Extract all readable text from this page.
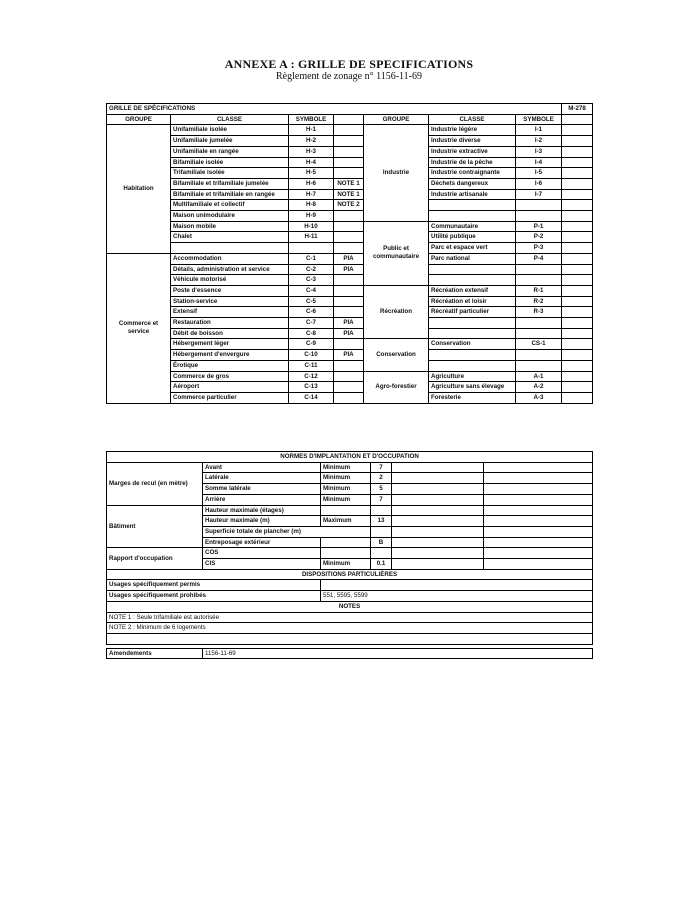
ANNEXE A : GRILLE DE SPECIFICATIONS
Règlement de zonage n° 1156-11-69
GRILLE DE SPÉCIFICATIONS							M-278
GROUPE	CLASSE	SYMBOLE		GROUPE	CLASSE	SYMBOLE	
Habitation	Unifamiliale isolée	H-1		Industrie	Industrie légère	I-1	
	Unifamiliale jumelée	H-2			Industrie diverse	I-2	
	Unifamiliale en rangée	H-3			Industrie extractive	I-3	
	Bifamiliale isolée	H-4			Industrie de la pêche	I-4	
	Trifamiliale isolée	H-5			Industrie contraignante	I-5	
	Bifamiliale et trifamiliale jumelée	H-6	NOTE 1		Déchets dangereux	I-6	
	Bifamiliale et trifamiliale en rangée	H-7	NOTE 1		Industrie artisanale	I-7	
	Multifamiliale et collectif	H-8	NOTE 2				
	Maison unimodulaire	H-9					
	Maison mobile	H-10		Public et communautaire	Communautaire	P-1	
	Chalet	H-11			Utilité publique	P-2	
					Parc et espace vert	P-3	
Commerce et service	Accommodation	C-1	PIA		Parc national	P-4	
	Détails, administration et service	C-2	PIA				
	Véhicule motorisé	C-3					
	Poste d'essence	C-4		Récréation	Récréation extensif	R-1	
	Station-service	C-5			Récréation et loisir	R-2	
	Extensif	C-6			Récréatif particulier	R-3	
	Restauration	C-7	PIA				
	Débit de boisson	C-8	PIA				
	Hébergement léger	C-9		Conservation	Conservation	CS-1	
	Hébergement d'envergure	C-10	PIA				
	Érotique	C-11					
	Commerce de gros	C-12		Agro-forestier	Agriculture	A-1	
	Aéroport	C-13			Agriculture sans élevage	A-2	
	Commerce particulier	C-14			Foresterie	A-3	
NORMES D'IMPLANTATION ET D'OCCUPATION					
Marges de recul (en mètre)	Avant	Minimum	7		
	Latérale	Minimum	2		
	Somme latérale	Minimum	5		
	Arrière	Minimum	7		
Bâtiment	Hauteur maximale (étages)				
	Hauteur maximale (m)	Maximum	13		
	Superficie totale de plancher (m)				
	Entreposage extérieur		B		
Rapport d'occupation	COS				
	CIS	Minimum	0.1		
DISPOSITIONS PARTICULIÈRES					
Usages spécifiquement permis					
Usages spécifiquement prohibés		551, 5595, 5599			
NOTES					
NOTE 1 : Seule trifamiliale est autorisée					
NOTE 2 : Minimum de 6 logements					

Amendements	1156-11-69				
